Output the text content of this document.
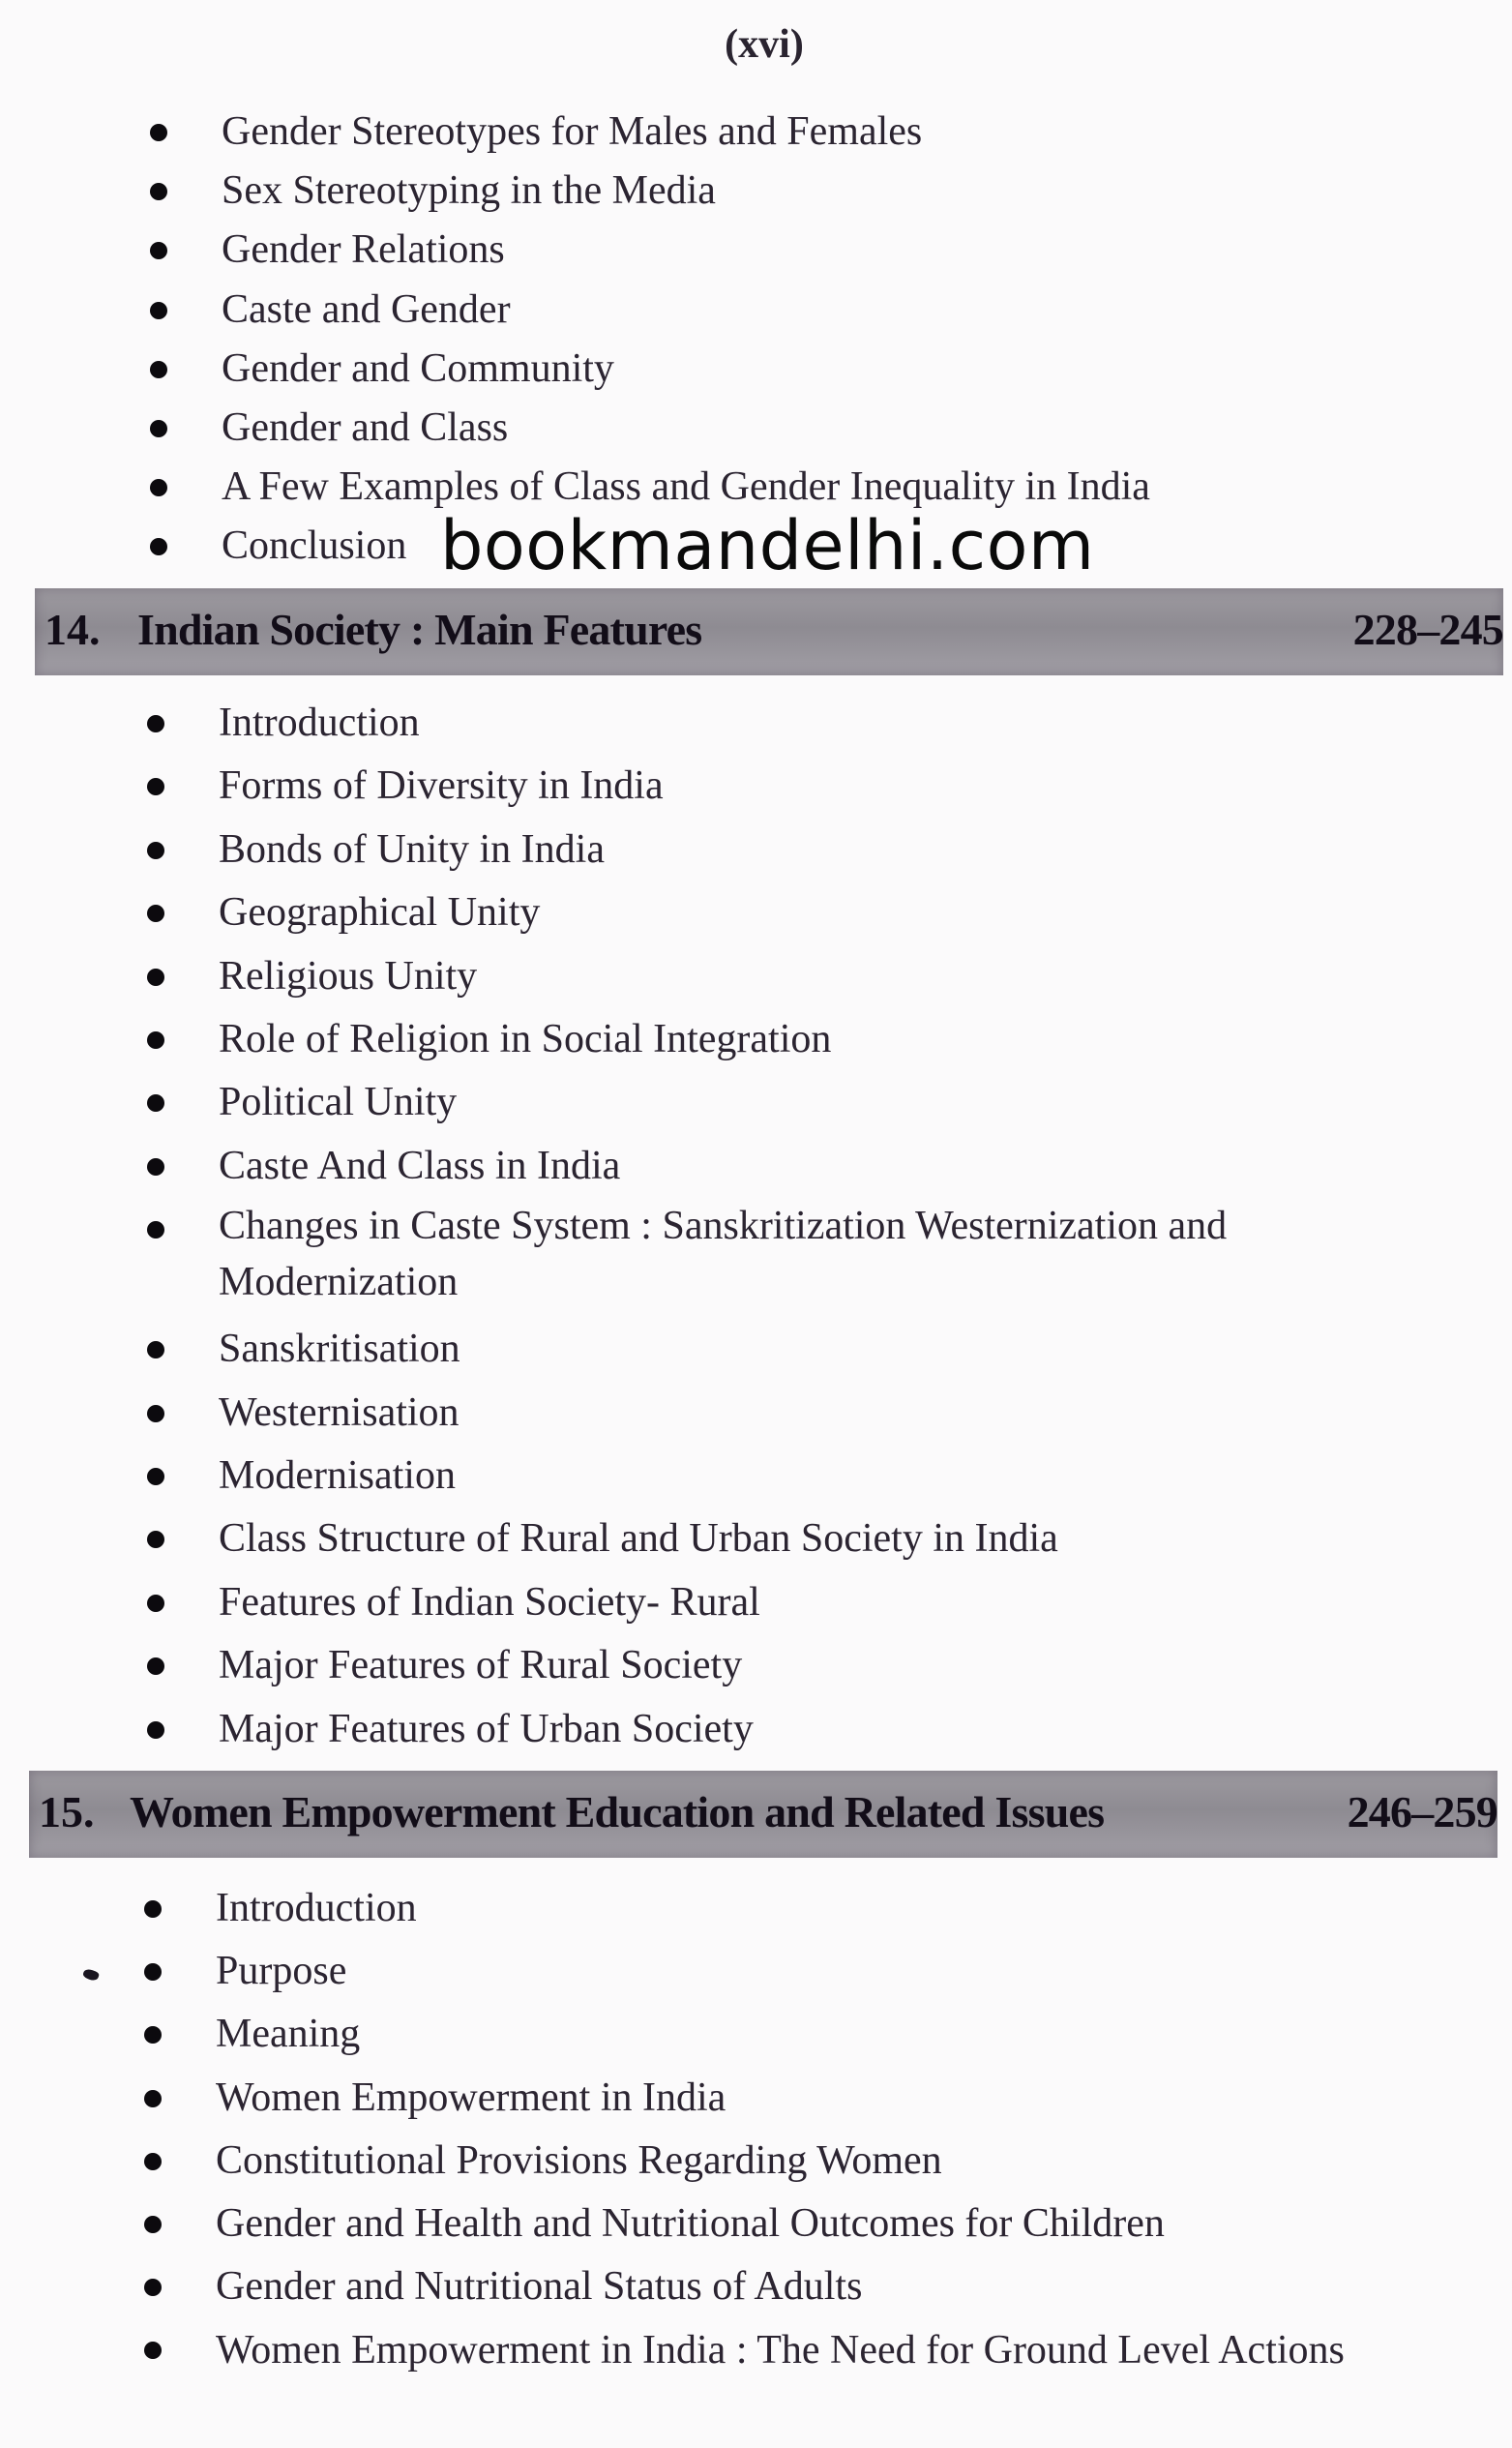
(xvi)
Gender Stereotypes for Males and Females
Sex Stereotyping in the Media
Gender Relations
Caste and Gender
Gender and Community
Gender and Class
A Few Examples of Class and Gender Inequality in India
Conclusion bookmandelhi.com
14. Indian Society : Main Features	228–245
Introduction
Forms of Diversity in India
Bonds of Unity in India
Geographical Unity
Religious Unity
Role of Religion in Social Integration
Political Unity
Caste And Class in India
Changes in Caste System : Sanskritization Westernization and Modernization
Sanskritisation
Westernisation
Modernisation
Class Structure of Rural and Urban Society in India
Features of Indian Society- Rural
Major Features of Rural Society
Major Features of Urban Society
15. Women Empowerment Education and Related Issues	246–259
Introduction
Purpose
Meaning
Women Empowerment in India
Constitutional Provisions Regarding Women
Gender and Health and Nutritional Outcomes for Children
Gender and Nutritional Status of Adults
Women Empowerment in India : The Need for Ground Level Actions
